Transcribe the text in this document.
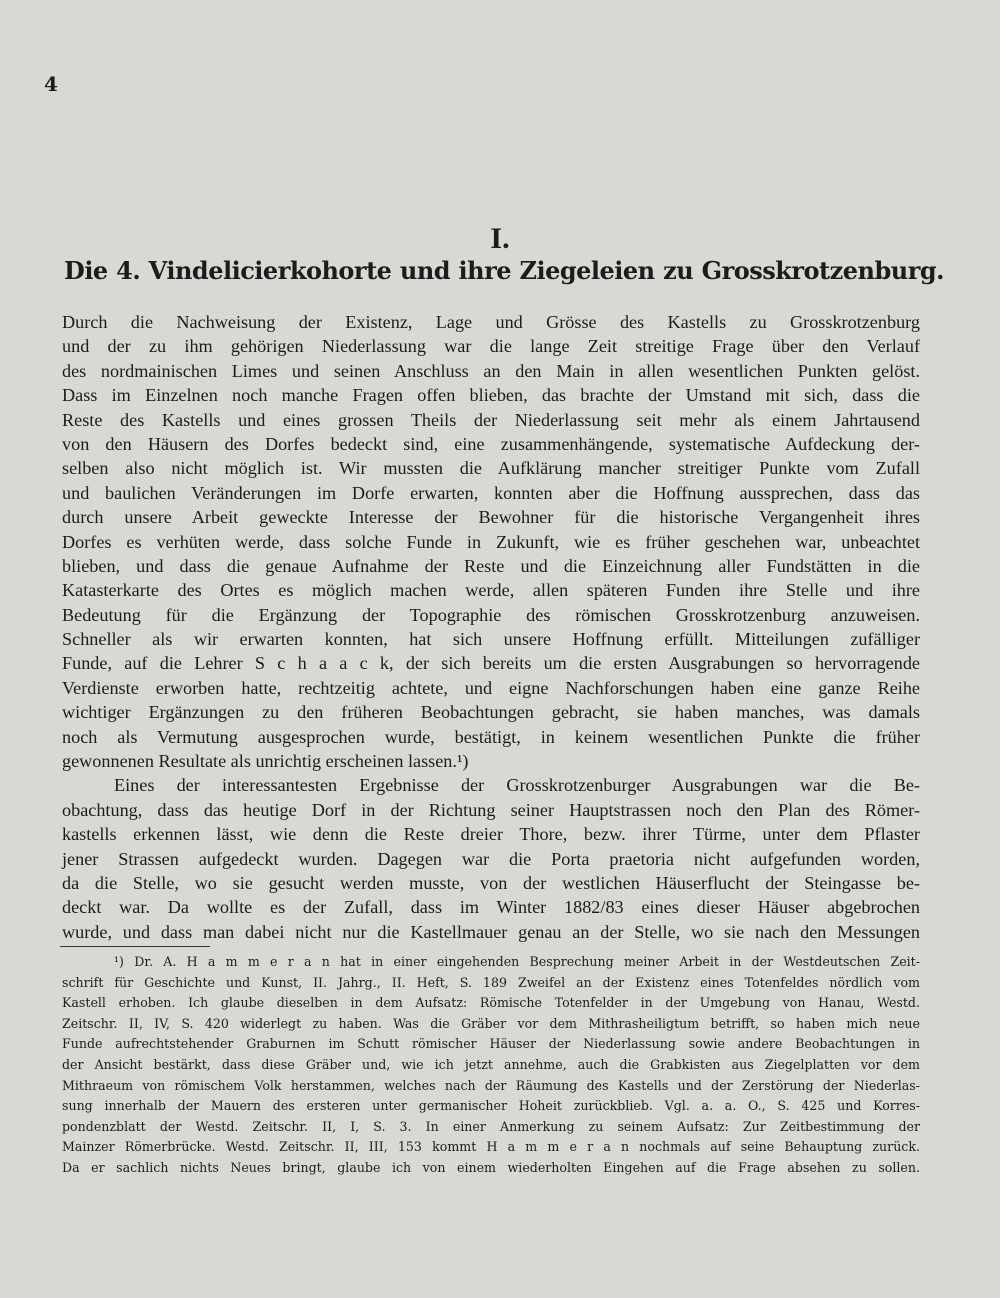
4
I.
Die 4. Vindelicierkohorte und ihre Ziegeleien zu Grosskrotzenburg.
Durch die Nachweisung der Existenz, Lage und Grösse des Kastells zu Grosskrotzenburg
und der zu ihm gehörigen Niederlassung war die lange Zeit streitige Frage über den Verlauf
des nordmainischen Limes und seinen Anschluss an den Main in allen wesentlichen Punkten gelöst.
Dass im Einzelnen noch manche Fragen offen blieben, das brachte der Umstand mit sich, dass die
Reste des Kastells und eines grossen Theils der Niederlassung seit mehr als einem Jahrtausend
von den Häusern des Dorfes bedeckt sind, eine zusammenhängende, systematische Aufdeckung der-
selben also nicht möglich ist. Wir mussten die Aufklärung mancher streitiger Punkte vom Zufall
und baulichen Veränderungen im Dorfe erwarten, konnten aber die Hoffnung aussprechen, dass das
durch unsere Arbeit geweckte Interesse der Bewohner für die historische Vergangenheit ihres
Dorfes es verhüten werde, dass solche Funde in Zukunft, wie es früher geschehen war, unbeachtet
blieben, und dass die genaue Aufnahme der Reste und die Einzeichnung aller Fundstätten in die
Katasterkarte des Ortes es möglich machen werde, allen späteren Funden ihre Stelle und ihre
Bedeutung für die Ergänzung der Topographie des römischen Grosskrotzenburg anzuweisen.
Schneller als wir erwarten konnten, hat sich unsere Hoffnung erfüllt. Mitteilungen zufälliger
Funde, auf die Lehrer S c h a a c k, der sich bereits um die ersten Ausgrabungen so hervorragende
Verdienste erworben hatte, rechtzeitig achtete, und eigne Nachforschungen haben eine ganze Reihe
wichtiger Ergänzungen zu den früheren Beobachtungen gebracht, sie haben manches, was damals
noch als Vermutung ausgesprochen wurde, bestätigt, in keinem wesentlichen Punkte die früher
gewonnenen Resultate als unrichtig erscheinen lassen.¹)
Eines der interessantesten Ergebnisse der Grosskrotzenburger Ausgrabungen war die Be-
obachtung, dass das heutige Dorf in der Richtung seiner Hauptstrassen noch den Plan des Römer-
kastells erkennen lässt, wie denn die Reste dreier Thore, bezw. ihrer Türme, unter dem Pflaster
jener Strassen aufgedeckt wurden. Dagegen war die Porta praetoria nicht aufgefunden worden,
da die Stelle, wo sie gesucht werden musste, von der westlichen Häuserflucht der Steingasse be-
deckt war. Da wollte es der Zufall, dass im Winter 1882/83 eines dieser Häuser abgebrochen
wurde, und dass man dabei nicht nur die Kastellmauer genau an der Stelle, wo sie nach den Messungen
¹) Dr. A. H a m m e r a n hat in einer eingehenden Besprechung meiner Arbeit in der Westdeutschen Zeit-
schrift für Geschichte und Kunst, II. Jahrg., II. Heft, S. 189 Zweifel an der Existenz eines Totenfeldes nördlich vom
Kastell erhoben. Ich glaube dieselben in dem Aufsatz: Römische Totenfelder in der Umgebung von Hanau, Westd.
Zeitschr. II, IV, S. 420 widerlegt zu haben. Was die Gräber vor dem Mithrasheiligtum betrifft, so haben mich neue
Funde aufrechtstehender Graburnen im Schutt römischer Häuser der Niederlassung sowie andere Beobachtungen in
der Ansicht bestärkt, dass diese Gräber und, wie ich jetzt annehme, auch die Grabkisten aus Ziegelplatten vor dem
Mithraeum von römischem Volk herstammen, welches nach der Räumung des Kastells und der Zerstörung der Niederlas-
sung innerhalb der Mauern des ersteren unter germanischer Hoheit zurückblieb. Vgl. a. a. O., S. 425 und Korres-
pondenzblatt der Westd. Zeitschr. II, I, S. 3. In einer Anmerkung zu seinem Aufsatz: Zur Zeitbestimmung der
Mainzer Römerbrücke. Westd. Zeitschr. II, III, 153 kommt H a m m e r a n nochmals auf seine Behauptung zurück.
Da er sachlich nichts Neues bringt, glaube ich von einem wiederholten Eingehen auf die Frage absehen zu sollen.
